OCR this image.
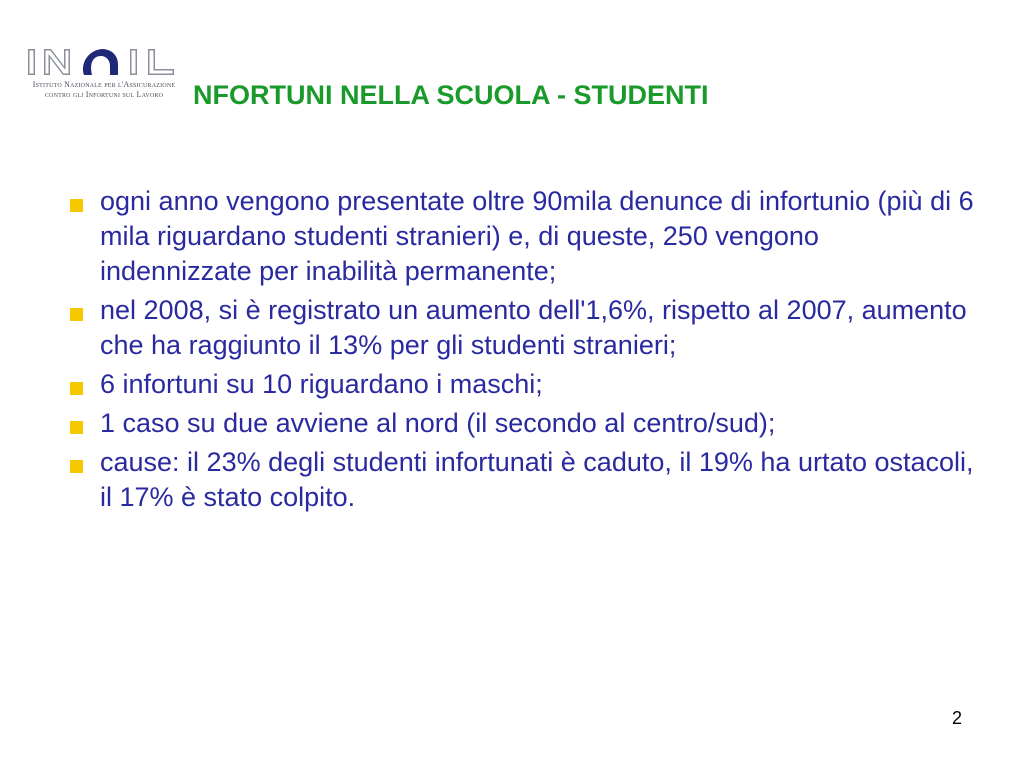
Istituto Nazionale per l'Assicurazione
contro gli Infortuni sul Lavoro	NFORTUNI NELLA SCUOLA - STUDENTI
ogni anno vengono presentate oltre 90mila denunce di infortunio (più di 6 mila riguardano studenti stranieri) e, di queste, 250 vengono indennizzate per inabilità permanente;
nel 2008, si è registrato un aumento dell'1,6%, rispetto al 2007, aumento che ha raggiunto il 13% per gli studenti stranieri;
6 infortuni su 10 riguardano i maschi;
1 caso su due avviene al nord (il secondo al centro/sud);
cause: il 23% degli studenti infortunati è caduto, il 19% ha urtato ostacoli, il 17% è stato colpito.
2
